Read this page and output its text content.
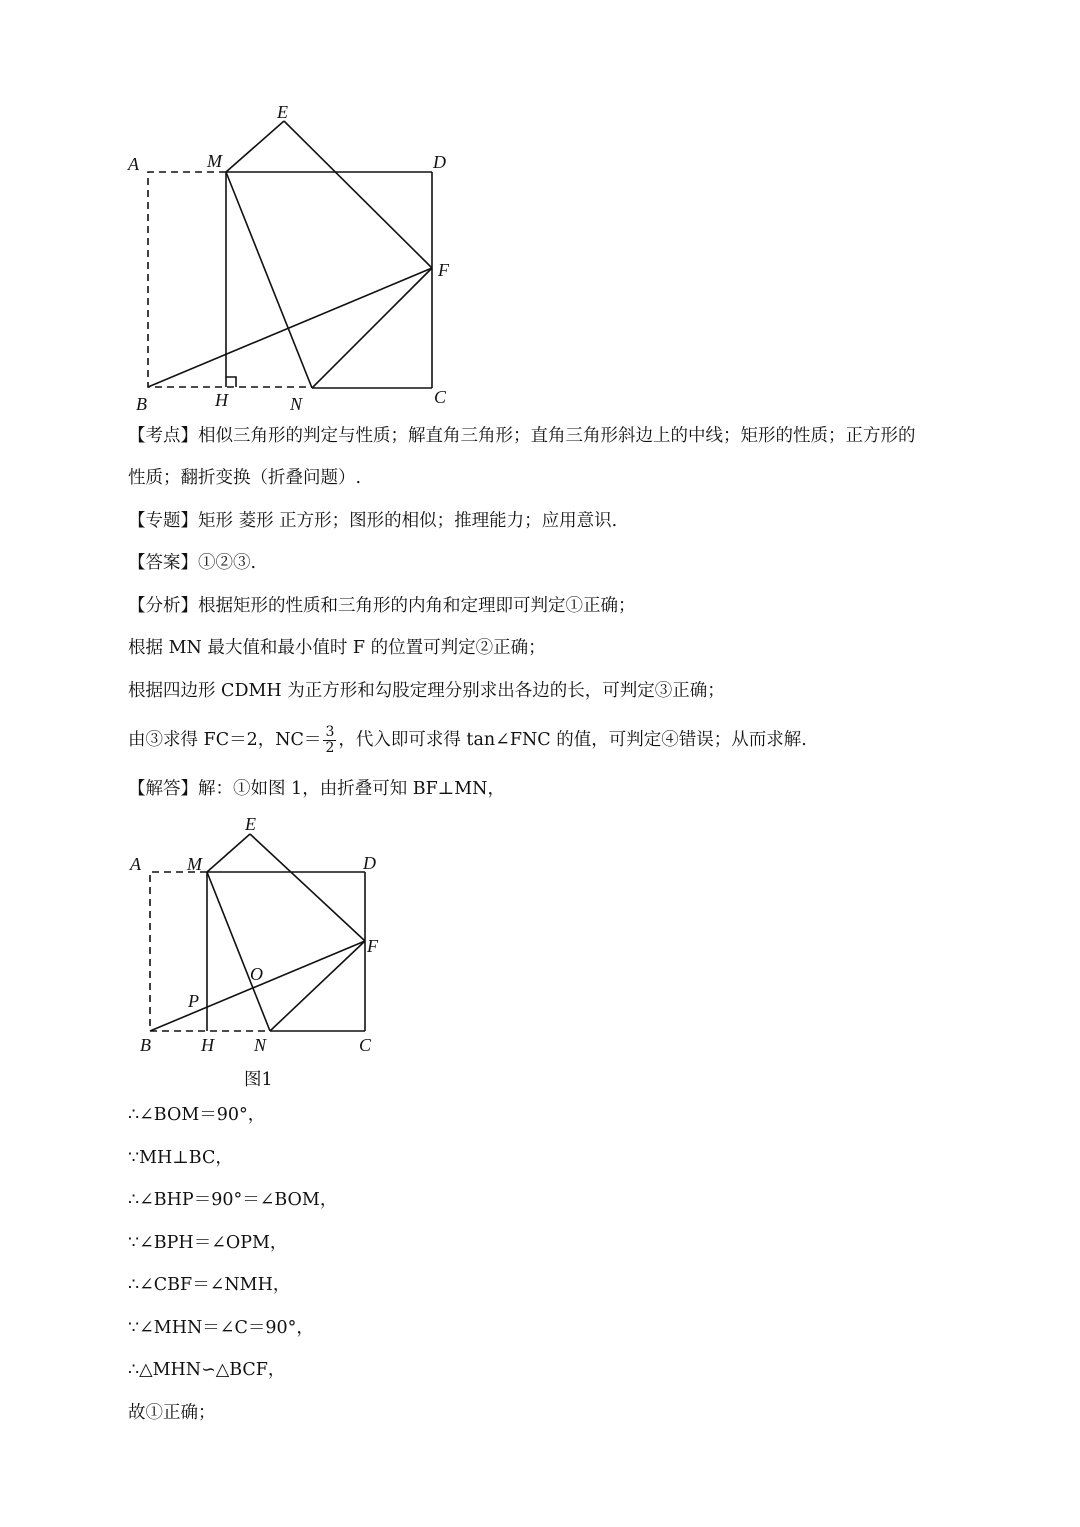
A	M
E
D
F
B	H	N	C
【考点】相似三角形的判定与性质；解直角三角形；直角三角形斜边上的中线；矩形的性质；正方形的
性质；翻折变换（折叠问题）.
【专题】矩形 菱形 正方形；图形的相似；推理能力；应用意识.
【答案】①②③.
【分析】根据矩形的性质和三角形的内角和定理即可判定①正确；
根据 MN 最大值和最小值时 F 的位置可判定②正确；
根据四边形 CDMH 为正方形和勾股定理分别求出各边的长，可判定③正确；
由③求得 FC＝2，$NC= \frac{3}{2}$ ，代入即可求得 tan∠FNC 的值，可判定④错误；从而求解.
【解答】解：①如图 1，由折叠可知 BF⊥MN，
A	M
E
D
F
O
P
B	H N	C
图1
∴∠BOM＝90°，
∵MH⊥BC，
∴∠BHP＝90°＝∠BOM，
∵∠BPH＝∠OPM，
∴∠CBF＝∠NMH，
∵∠MHN＝∠C＝90°，
∴△MHN∽△BCF，
故①正确；
